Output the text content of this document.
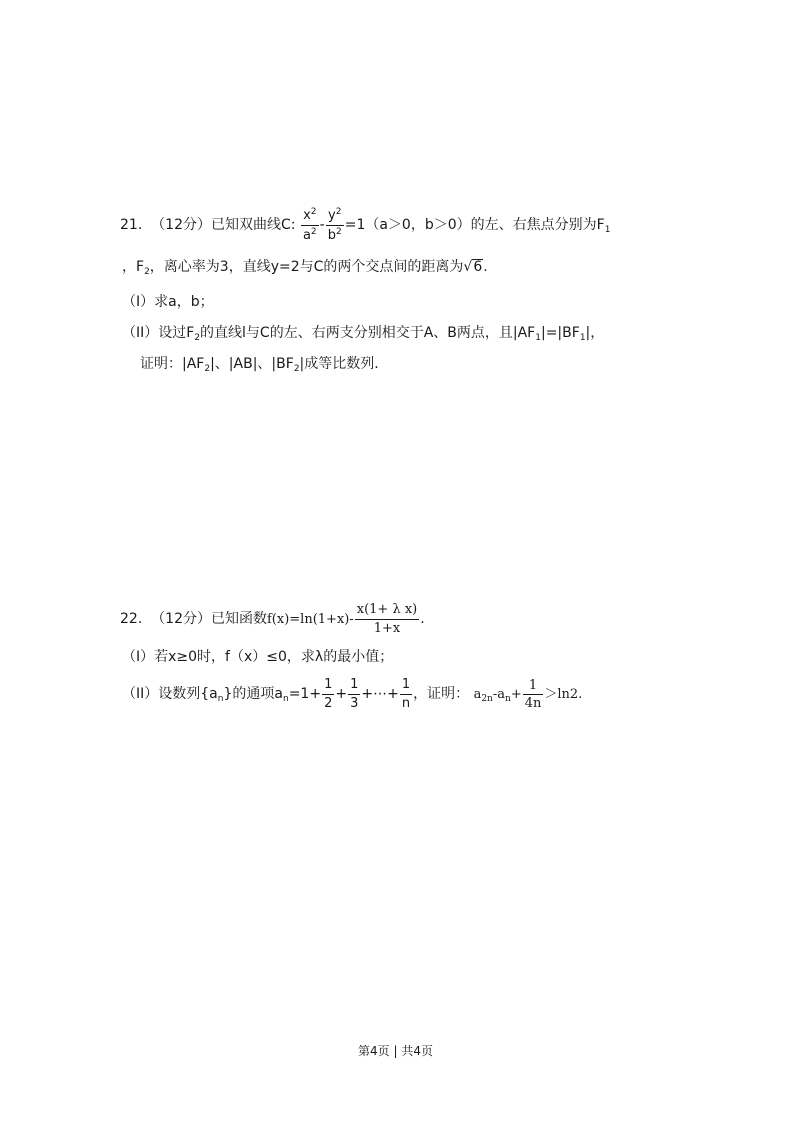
21. （12分）已知双曲线C: $\frac{x^2}{a^2} - \frac{y^2}{b^2} =1(a>0$，b＞0）的左、右焦点分别为$F_1$
，$F_2$，离心率为3，直线y=2与C的两个交点间的距离为√6.
（I）求a，b；
（II）设过$F_2$的直线l与C的左、右两支分别相交于A、B两点，且$|AF_1|=|BF_1|$，
证明：$|AF_2|$、|AB|、$|BF_2|$成等比数列.
22. （12分）已知函数$f(x)=\ln(1+x)- \frac{\text{x(1+ λ x)}}{1+x}$ .
（I）若x≥0时，f（x）≤0，求λ的最小值；
（II）设数列$\{a_n\}$的通项$a_n=1+ \frac{1}{2} + \frac{1}{3}$ +⋯+ $\frac{1}{n}$ ，证明： $a_{2n}-a_n+ \frac{1}{4n} >\ln 2$.
第4页 | 共4页
